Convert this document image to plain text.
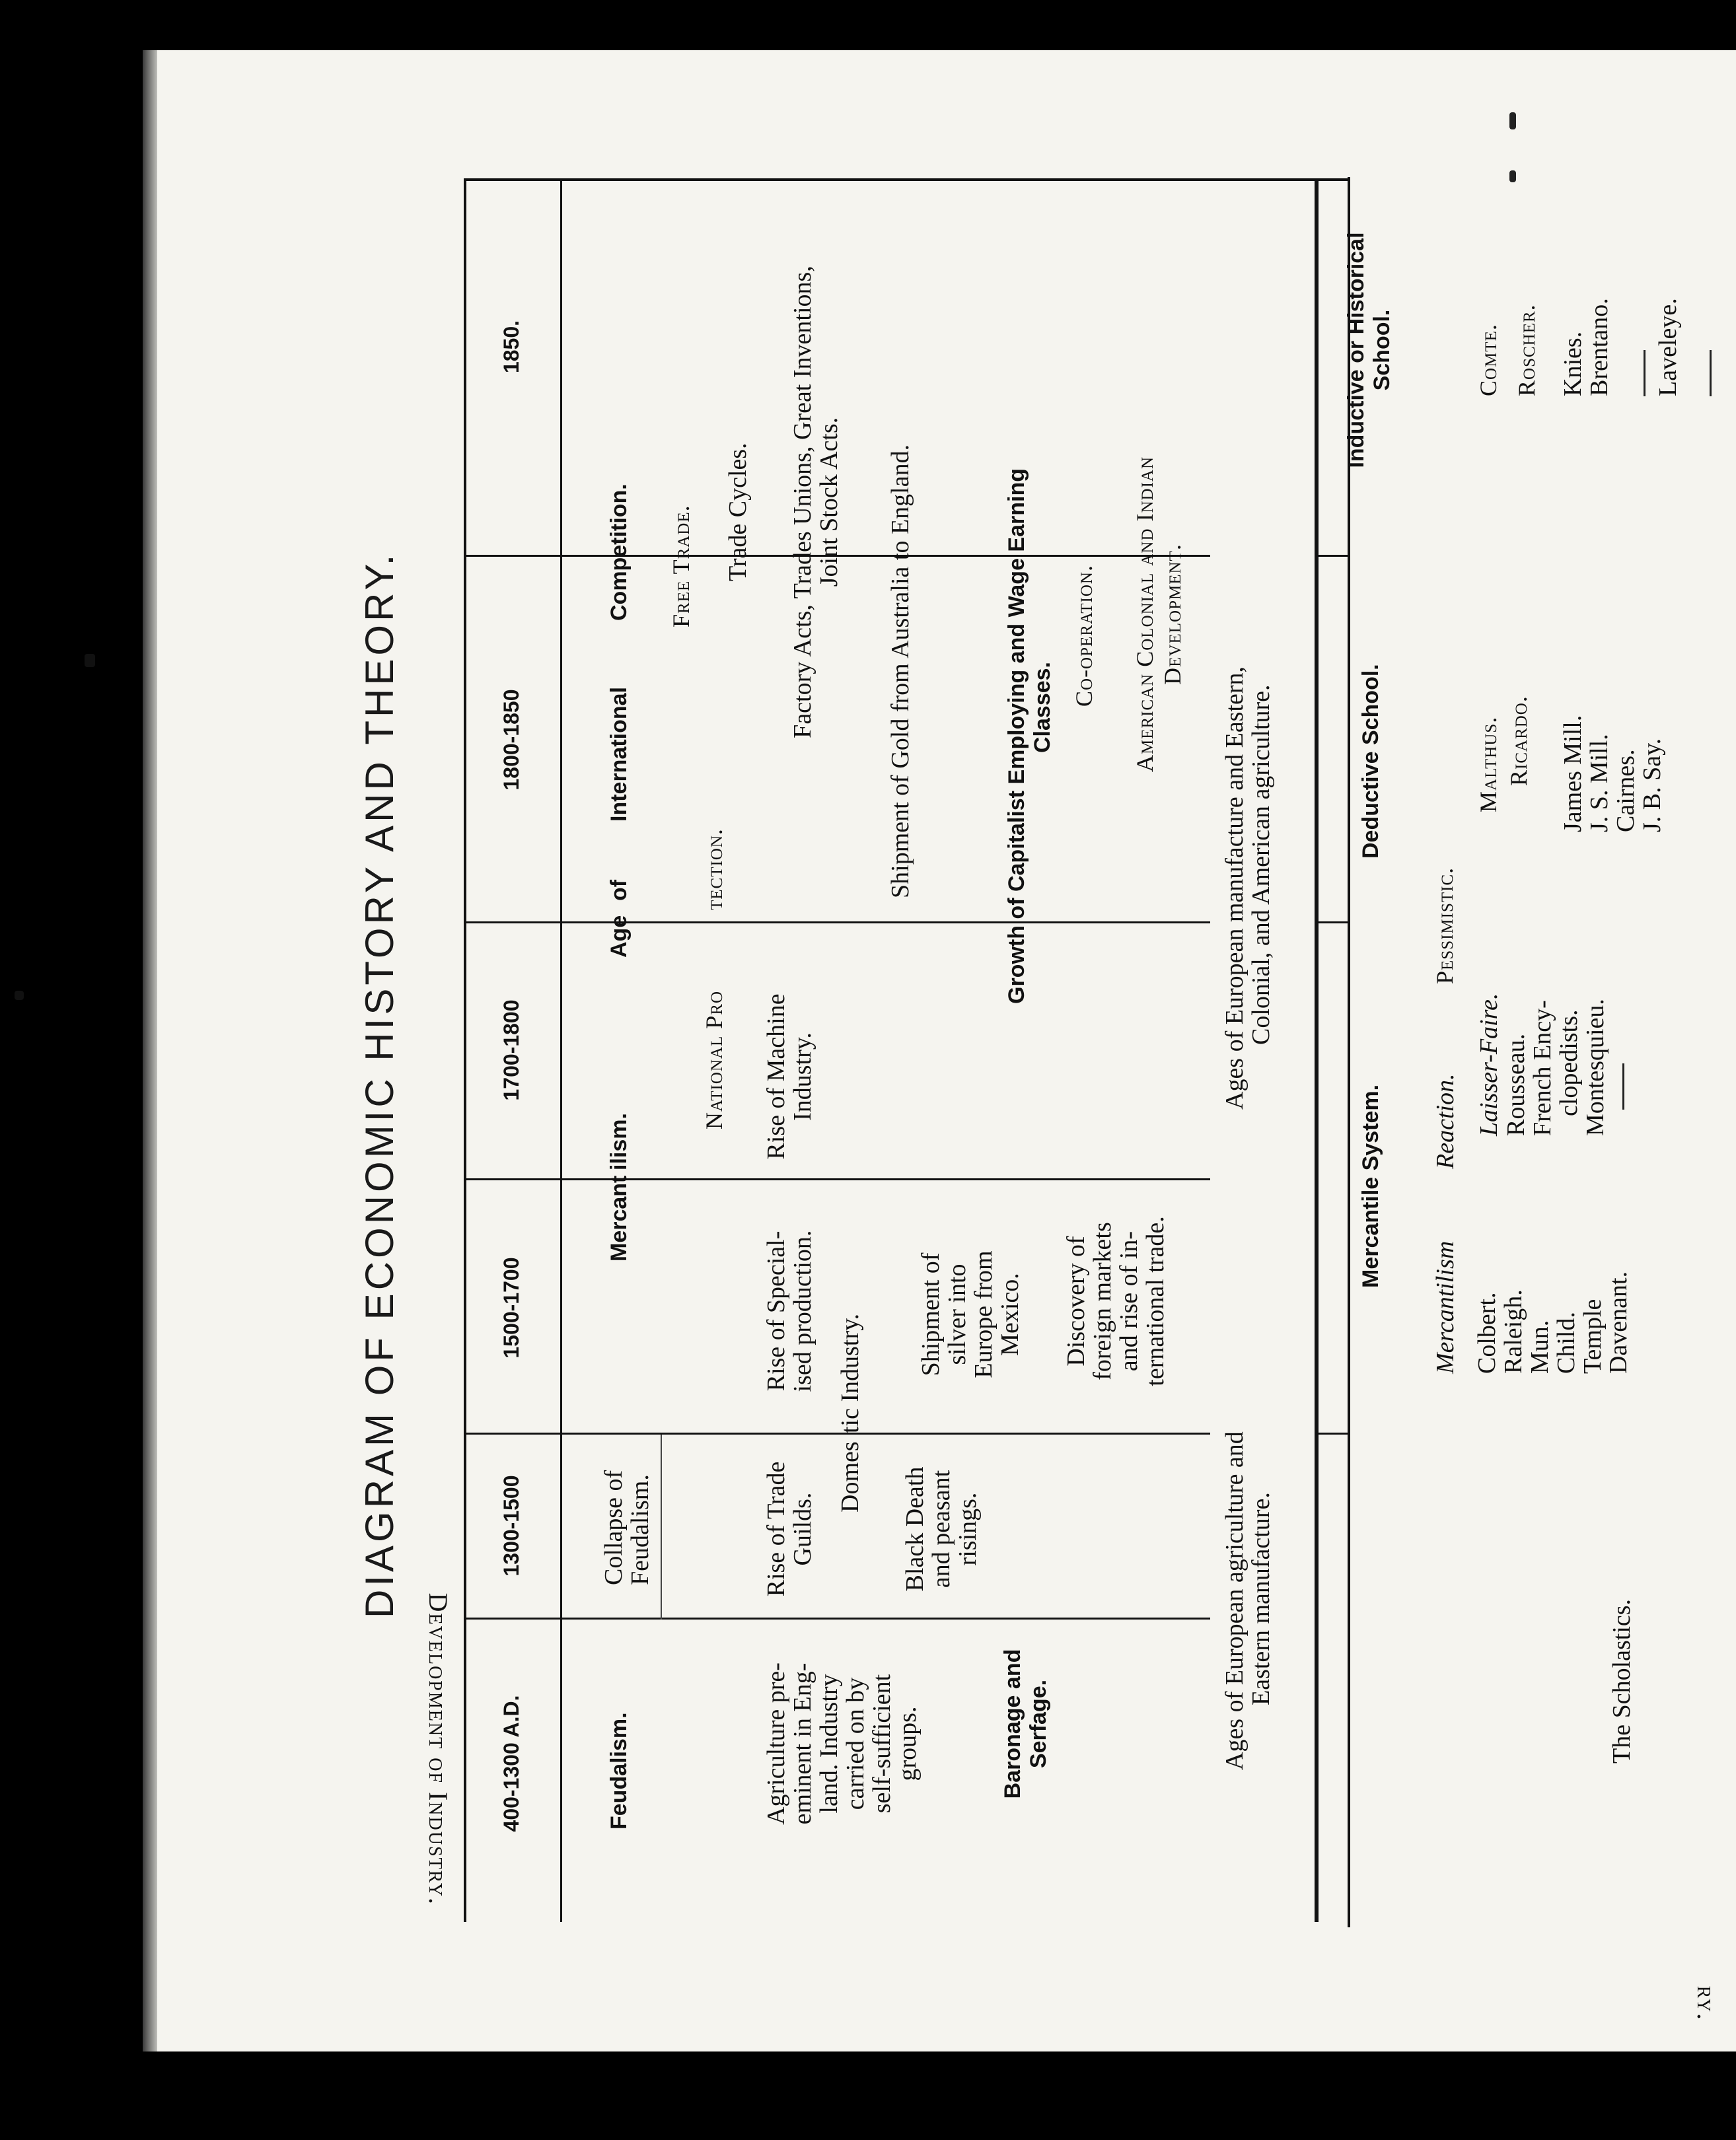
DIAGRAM OF ECONOMIC HISTORY AND THEORY.
Development of Industry.
ry.
400-1300 A.D.
1300-1500
1500-1700
1700-1800
1800-1850
1850.
Feudalism.
Collapse of
Feudalism.
Mercant
ilism.
Age
of
International
Competition. Free Trade.
National Pro
tection.
Trade Cycles.
Agriculture pre-
eminent in Eng-
land. Industry
carried on by
self-sufficient
groups.
Rise of Trade
Guilds.
Rise of Special-
ised production.
Rise of Machine
Industry.
Factory Acts, Trades Unions, Great Inventions,
Joint Stock Acts.
Domes
tic Industry.
Black Death
and peasant
risings.
Shipment of
silver into
Europe from
Mexico.
Shipment of Gold from Australia to England.
Baronage and Serfage.
Growth of Capitalist Employing and Wage Earning Classes.
Co-operation.
Discovery of
foreign markets
and rise of in-
ternational trade.
American Colonial and Indian Development.
Ages of European agriculture and
Eastern manufacture.
Ages of European manufacture and Eastern,
Colonial, and American agriculture.
Mercantile System.
Deductive School.
Inductive or Historical School.
Mercantilism
Reaction.
Pessimistic.
The Scholastics.
Colbert.
Raleigh.
Mun.
Child.
Temple
Davenant.
Laisser-Faire. Rousseau.
French Ency-
clopedists.
Montesquieu.
Malthus. Ricardo. James Mill.
J. S. Mill.
Cairnes.
J. B. Say.
Comte. Roscher. Knies.
Brentano. Laveleye.
